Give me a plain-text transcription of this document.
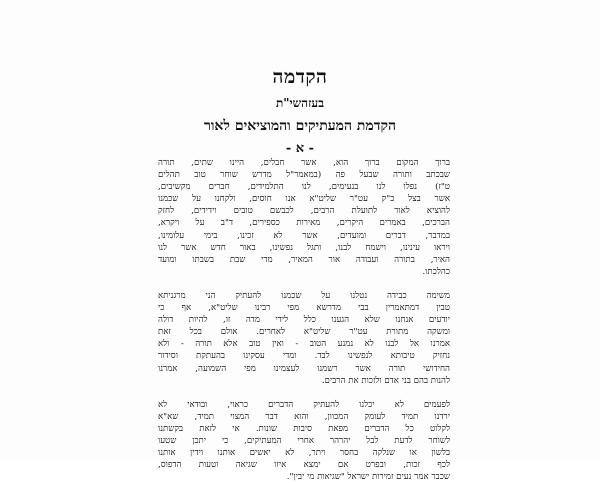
הקדמה
בעזהשי"ת
הקדמת המעתיקים והמוציאים לאור
- א -
ברוך המקום ברוך הוא, אשר חבלים, היינו שתים, תורה
שבכתב ותורה שבעל פה (במאמר"ל מדרש שוחר טוב תהלים
ט"ז) נפלו לנו בנעימים, לנו התלמידים, חברים מקשיבים,
אשר בצל כ"ק עט"ר שליט"א אנו חוסים, ולקחנו על שכמנו
להוציא לאור לתועלת הרבים, לכבשם טובים וידידים, לחזק
הברכים, באמרים היקרים, מאירות כספירים, ד"ב על ויקרא,
במדבר, דברים ומועדים, אשר לא זכינו, בימי עלומינו,
ויראו עינינו, וישמח לבנו, ותגל נפשינו, באור חדש אשר לנו
האיר, בתורה ועבודה אור המאיר, מדי שבת בשבתו ומועד
כהלכתו.
משימה כבידה נטלנו על שכמנו להעתיק הני מרגניתא
טבין דמתאמרין בבי מדרשא מפי רבינו שליט"א, אף כי
יודעים אנחנו שלא הגענו כלל לידי מדה זו, להיות דולה
ומשקה מתורת עט"ר שליט"א לאחרים. אולם בכל זאת
אמרנו אל לבנו לא נמנע הטוב - ואין טוב אלא תורה - ולא
נחזיק טיבותא לנפשינו לבד. ומדי עסקינו בהעתקת וסידור
החידושי תורה אשר רשמנו לעצמינו מפי השמועה, אמרנו
להנות בהם בני אדם ולזכות את הרבים.
לפעמים לא יכלנו להעתיק הדברים כראוי, ובודאי לא
ירדנו תמיד לעומק המכוון, והוא דבר המצוי תמיד, שא"א
לקלוט כל הדברים מפאת סיבות שונות. אי לזאת בקשתנו
לשוחר לדעת לבל יהרהר אחרי המעתיקים, כי יתכן שטעו
בלשון או שנלקה בחסר ויתר, לא יאשים אותנו וידין אותנו
לכף זכות, ובפרט אם ימצא איזו שגיאה וטעות הדפוס,
שכבר אמר נעים זמירות ישראל "שגיאות מי יבין".
